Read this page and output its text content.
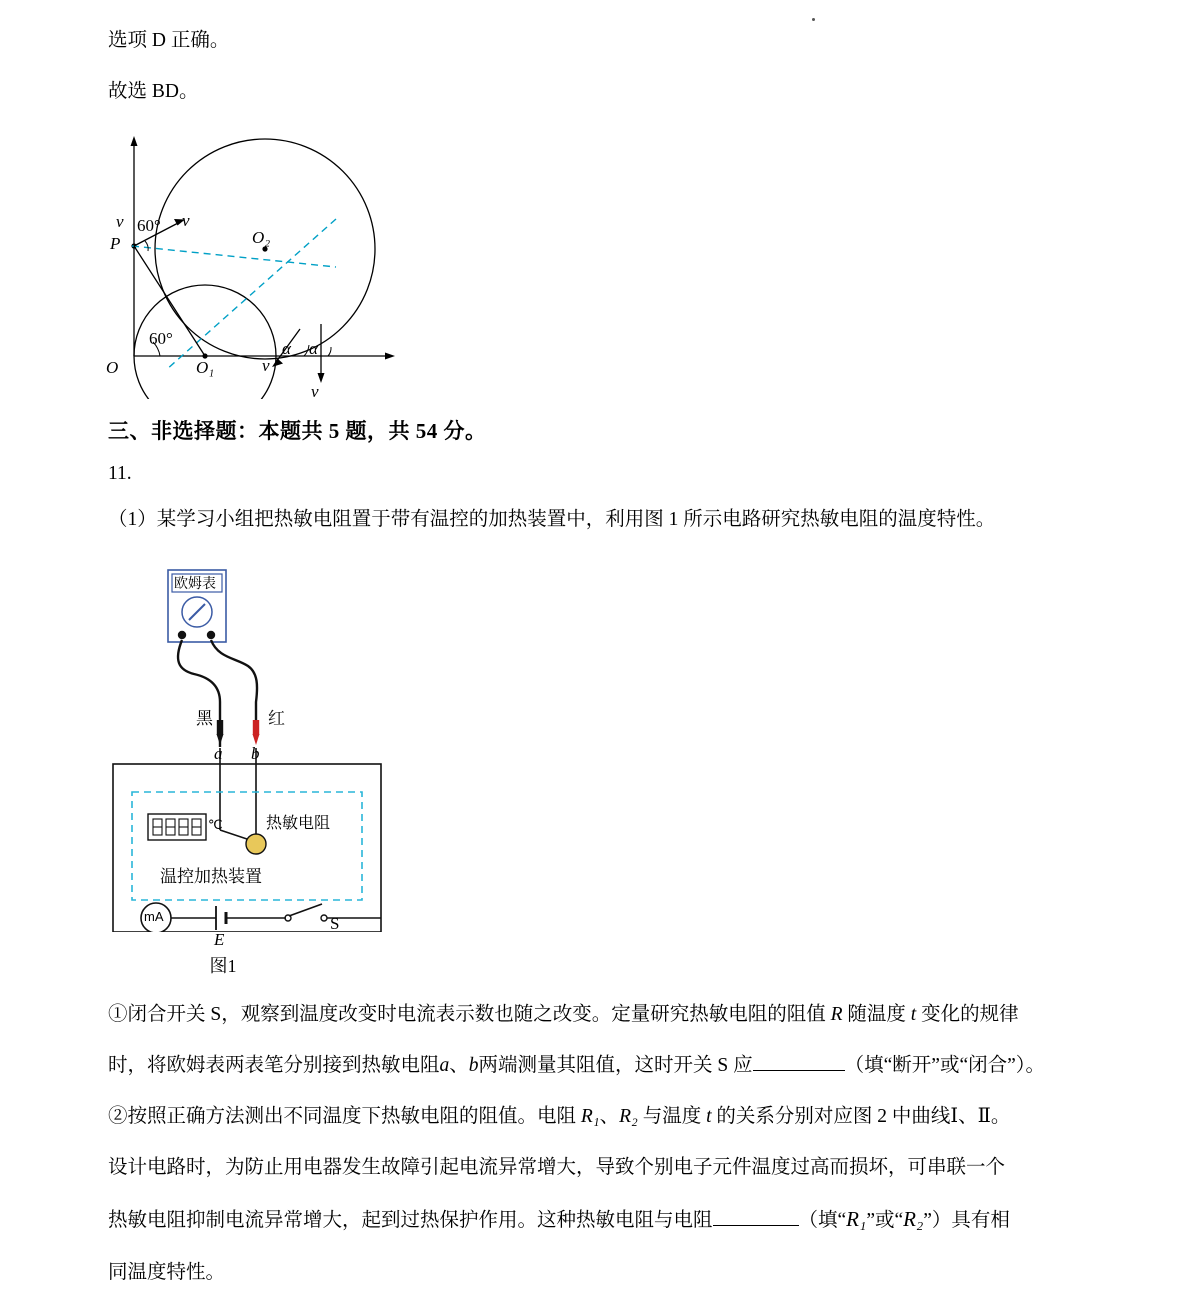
选项 D 正确。

故选 BD。

v 60° v
P	O₂
60°
O	O₁	v
α α
v
三、非选择题：本题共 5 题，共 54 分。

11.

（1）某学习小组把热敏电阻置于带有温控的加热装置中，利用图 1 所示电路研究热敏电阻的温度特性。

欧姆表
黑	红
a b
℃	热敏电阻
温控加热装置
mA
E
S

图1

①闭合开关 S，观察到温度改变时电流表示数也随之改变。定量研究热敏电阻的阻值 R 随温度 t 变化的规律

时，将欧姆表两表笔分别接到热敏电阻a、b两端测量其阻值，这时开关 S 应	（填“断开”或“闭合”）。

②按照正确方法测出不同温度下热敏电阻的阻值。电阻 R₁、R₂ 与温度 t 的关系分别对应图 2 中曲线Ⅰ、Ⅱ。

设计电路时，为防止用电器发生故障引起电流异常增大，导致个别电子元件温度过高而损坏，可串联一个

热敏电阻抑制电流异常增大，起到过热保护作用。这种热敏电阻与电阻	（填“R₁”或“R₂”）具有相

同温度特性。
